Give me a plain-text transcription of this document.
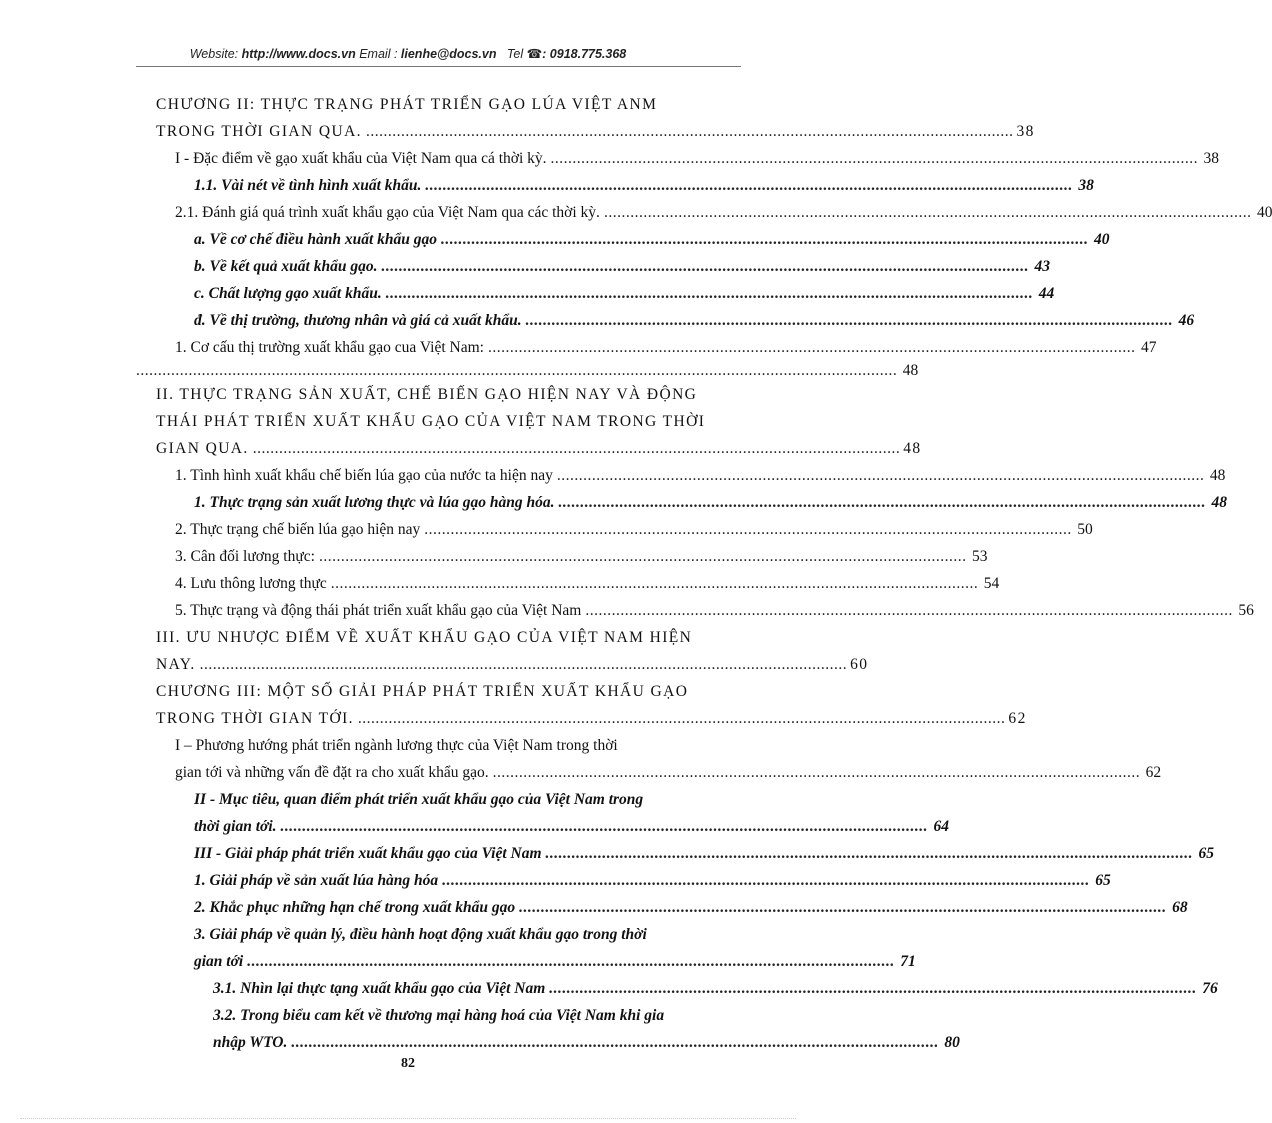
Website: http://www.docs.vn Email : lienhe@docs.vn Tel ☎: 0918.775.368
CHƯƠNG II: THỰC TRẠNG PHÁT TRIỂN GẠO LÚA VIỆT ANM
TRONG THỜI GIAN QUA. .................................................................................................................................................... 38
I - Đặc điểm về gạo xuất khẩu của Việt Nam qua cá thời kỳ. .................................................................................................................................................... 38
1.1. Vài nét về tình hình xuất khẩu. .................................................................................................................................................... 38
2.1. Đánh giá quá trình xuất khẩu gạo của Việt Nam qua các thời kỳ. .................................................................................................................................................... 40
a. Về cơ chế điều hành xuất khẩu gạo .................................................................................................................................................... 40
b. Về kết quả xuất khẩu gạo. .................................................................................................................................................... 43
c. Chất lượng gạo xuất khẩu. .................................................................................................................................................... 44
đ. Về thị trường, thương nhân và giá cả xuất khẩu. .................................................................................................................................................... 46
1. Cơ cấu thị trường xuất khẩu gạo cua Việt Nam: .................................................................................................................................................... 47
.............................................................................................................................................................................. 48
II. THỰC TRẠNG SẢN XUẤT, CHẾ BIẾN GẠO HIỆN NAY VÀ ĐỘNG
THÁI PHÁT TRIỂN XUẤT KHẨU GẠO CỦA VIỆT NAM TRONG THỜI
GIAN QUA. .................................................................................................................................................... 48
1. Tình hình xuất khẩu chế biến lúa gạo của nước ta hiện nay .................................................................................................................................................... 48
1. Thực trạng sản xuất lương thực và lúa gạo hàng hóa. .................................................................................................................................................... 48
2. Thực trạng chế biến lúa gạo hiện nay .................................................................................................................................................... 50
3. Cân đối lương thực: .................................................................................................................................................... 53
4. Lưu thông lương thực .................................................................................................................................................... 54
5. Thực trạng và động thái phát triển xuất khẩu gạo của Việt Nam .................................................................................................................................................... 56
III. ƯU NHƯỢC ĐIỂM VỀ XUẤT KHẨU GẠO CỦA VIỆT NAM HIỆN
NAY. .................................................................................................................................................... 60
CHƯƠNG III: MỘT SỐ GIẢI PHÁP PHÁT TRIỂN XUẤT KHẨU GẠO
TRONG THỜI GIAN TỚI. .................................................................................................................................................... 62
I – Phương hướng phát triển ngành lương thực của Việt Nam trong thời
gian tới và những vấn đề đặt ra cho xuất khẩu gạo. .................................................................................................................................................... 62
II - Mục tiêu, quan điểm phát triển xuất khẩu gạo của Việt Nam trong
thời gian tới. .................................................................................................................................................... 64
III - Giải pháp phát triển xuất khẩu gạo của Việt Nam .................................................................................................................................................... 65
1. Giải pháp về sản xuất lúa hàng hóa .................................................................................................................................................... 65
2. Khắc phục những hạn chế trong xuất khẩu gạo .................................................................................................................................................... 68
3. Giải pháp về quản lý, điều hành hoạt động xuất khẩu gạo trong thời
gian tới .................................................................................................................................................... 71
3.1. Nhìn lại thực tạng xuất khẩu gạo của Việt Nam .................................................................................................................................................... 76
3.2. Trong biểu cam kết về thương mại hàng hoá của Việt Nam khi gia
nhập WTO. .................................................................................................................................................... 80
82
